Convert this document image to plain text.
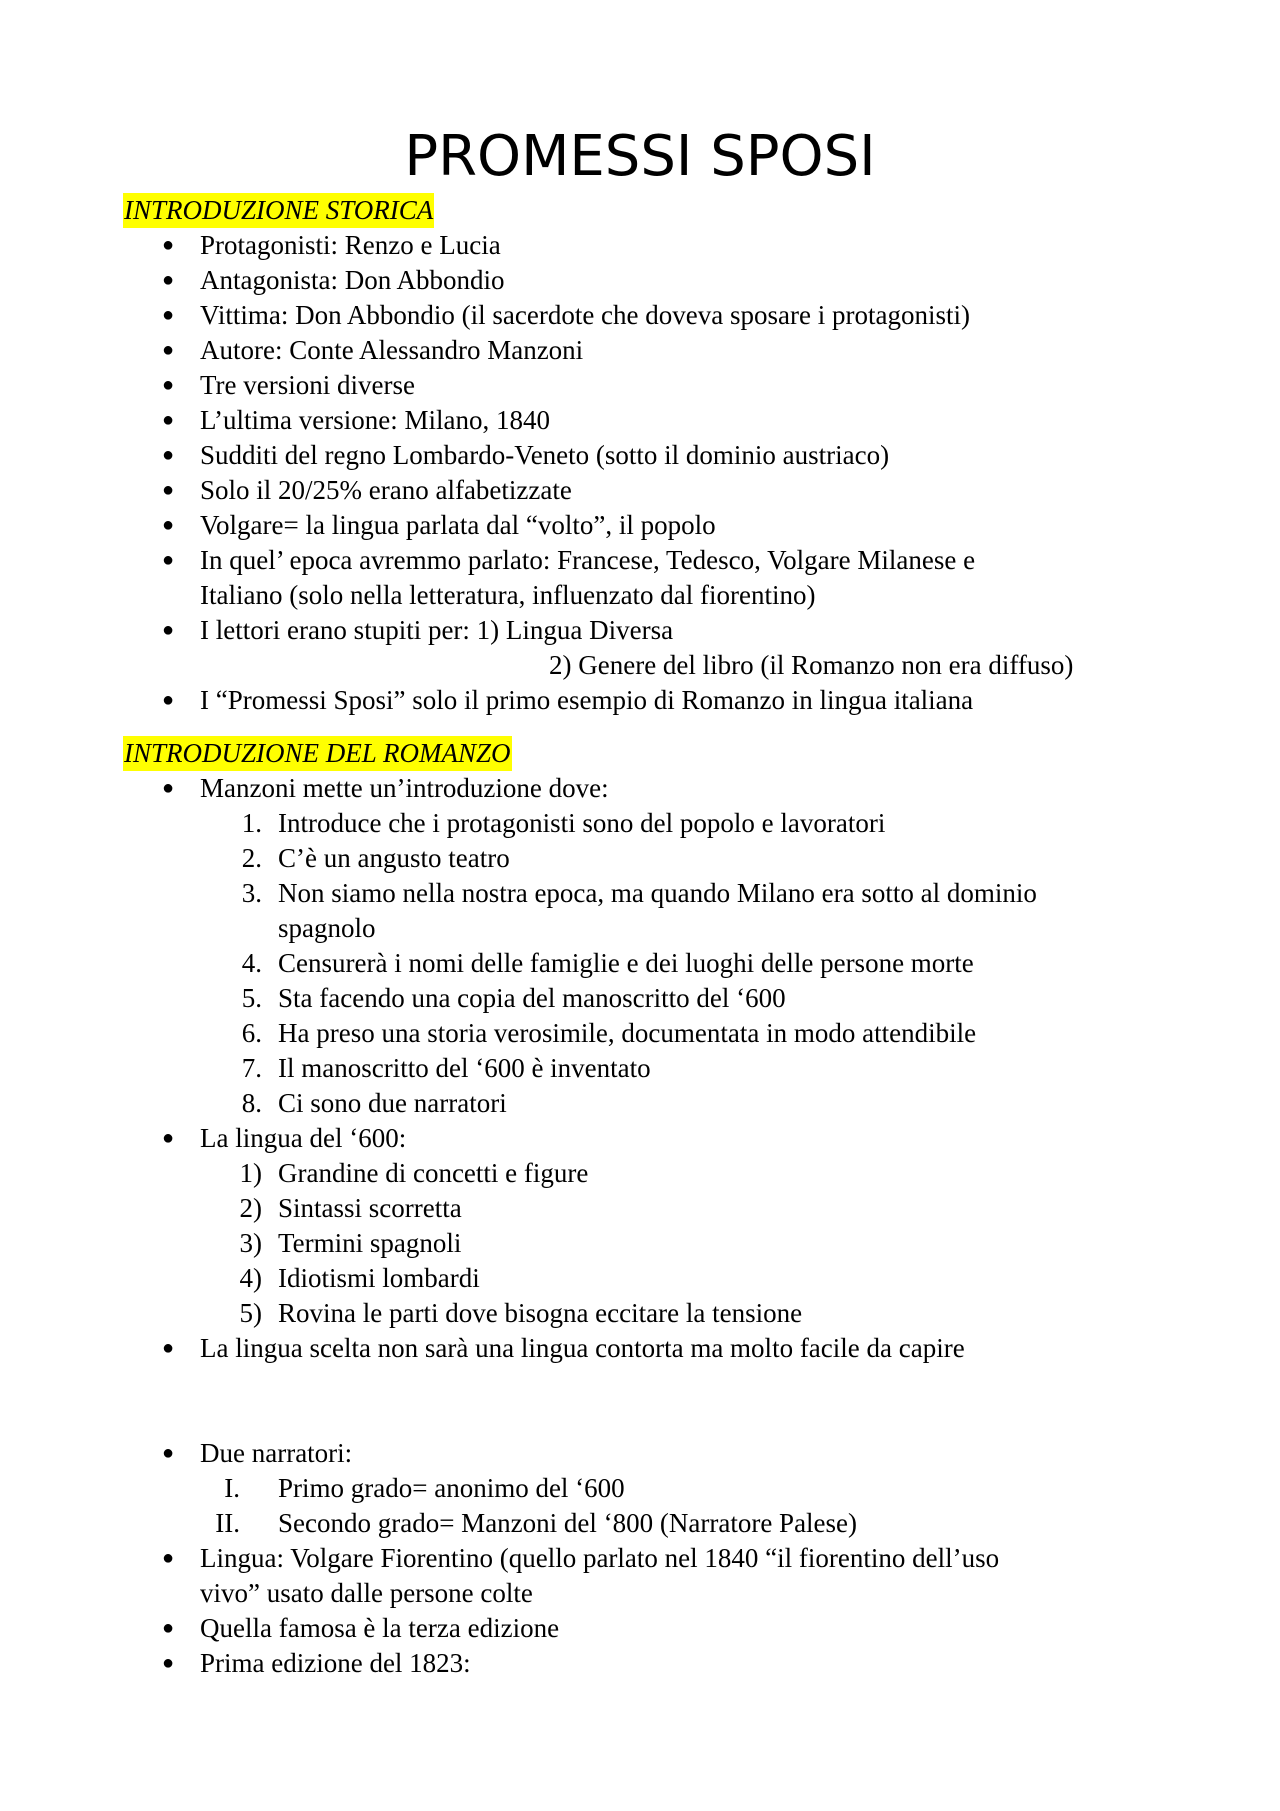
PROMESSI SPOSI
INTRODUZIONE STORICA
● Protagonisti: Renzo e Lucia
● Antagonista: Don Abbondio
● Vittima: Don Abbondio (il sacerdote che doveva sposare i protagonisti)
● Autore: Conte Alessandro Manzoni
● Tre versioni diverse
● L’ultima versione: Milano, 1840
● Sudditi del regno Lombardo-Veneto (sotto il dominio austriaco)
● Solo il 20/25% erano alfabetizzate
● Volgare= la lingua parlata dal “volto”, il popolo
● In quel’ epoca avremmo parlato: Francese, Tedesco, Volgare Milanese e
Italiano (solo nella letteratura, influenzato dal fiorentino)
● I lettori erano stupiti per: 1) Lingua Diversa
2) Genere del libro (il Romanzo non era diffuso)
● I “Promessi Sposi” solo il primo esempio di Romanzo in lingua italiana
INTRODUZIONE DEL ROMANZO
● Manzoni mette un’introduzione dove:
1. Introduce che i protagonisti sono del popolo e lavoratori
2. C’è un angusto teatro
3. Non siamo nella nostra epoca, ma quando Milano era sotto al dominio
spagnolo
4. Censurerà i nomi delle famiglie e dei luoghi delle persone morte
5. Sta facendo una copia del manoscritto del ‘600
6. Ha preso una storia verosimile, documentata in modo attendibile
7. Il manoscritto del ‘600 è inventato
8. Ci sono due narratori
● La lingua del ‘600:
1) Grandine di concetti e figure
2) Sintassi scorretta
3) Termini spagnoli
4) Idiotismi lombardi
5) Rovina le parti dove bisogna eccitare la tensione
● La lingua scelta non sarà una lingua contorta ma molto facile da capire
● Due narratori:
I. Primo grado= anonimo del ‘600
II. Secondo grado= Manzoni del ‘800 (Narratore Palese)
● Lingua: Volgare Fiorentino (quello parlato nel 1840 “il fiorentino dell’uso
vivo” usato dalle persone colte
● Quella famosa è la terza edizione
● Prima edizione del 1823:
